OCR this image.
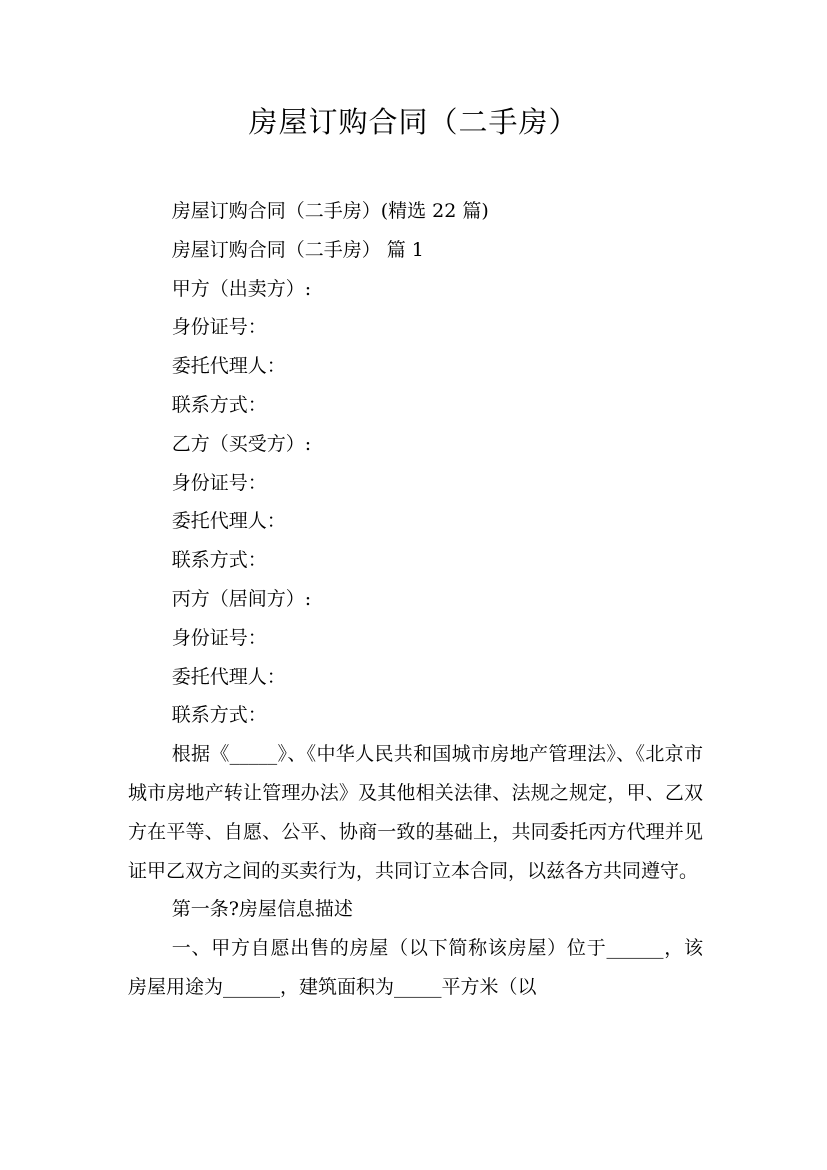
房屋订购合同（二手房）

房屋订购合同（二手房）(精选 22 篇)

房屋订购合同（二手房） 篇 1

甲方（出卖方）:

身份证号：

委托代理人：

联系方式：

乙方（买受方）:

身份证号：

委托代理人：

联系方式：

丙方（居间方）:

身份证号：

委托代理人：

联系方式：

根据《_____》、《中华人民共和国城市房地产管理法》、《北京市城市房地产转让管理办法》及其他相关法律、法规之规定，甲、乙双方在平等、自愿、公平、协商一致的基础上，共同委托丙方代理并见证甲乙双方之间的买卖行为，共同订立本合同，以兹各方共同遵守。

第一条?房屋信息描述

一、甲方自愿出售的房屋（以下简称该房屋）位于______，该房屋用途为______，建筑面积为_____平方米（以
